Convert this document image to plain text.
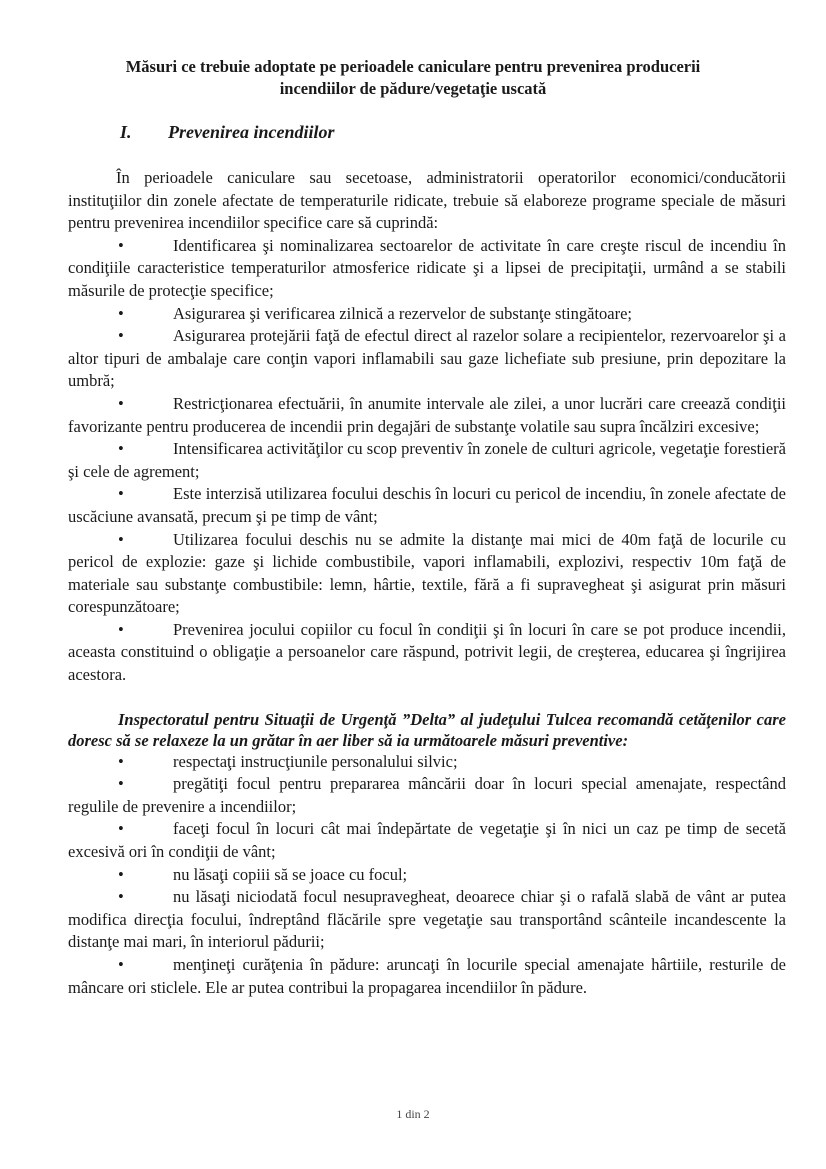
Măsuri ce trebuie adoptate pe perioadele caniculare pentru prevenirea producerii
incendiilor de pădure/vegetaţie uscată
I. Prevenirea incendiilor

În perioadele caniculare sau secetoase, administratorii operatorilor economici/conducătorii instituţiilor din zonele afectate de temperaturile ridicate, trebuie să elaboreze programe speciale de măsuri pentru prevenirea incendiilor specifice care să cuprindă:

•	Identificarea şi nominalizarea sectoarelor de activitate în care creşte riscul de incendiu în condiţiile caracteristice temperaturilor atmosferice ridicate şi a lipsei de precipitaţii, urmând a se stabili măsurile de protecţie specifice;
•	Asigurarea şi verificarea zilnică a rezervelor de substanţe stingătoare;
•	Asigurarea protejării faţă de efectul direct al razelor solare a recipientelor, rezervoarelor şi a altor tipuri de ambalaje care conţin vapori inflamabili sau gaze lichefiate sub presiune, prin depozitare la umbră;
•	Restricţionarea efectuării, în anumite intervale ale zilei, a unor lucrări care creează condiţii favorizante pentru producerea de incendii prin degajări de substanţe volatile sau supra încălziri excesive;
•	Intensificarea activităţilor cu scop preventiv în zonele de culturi agricole, vegetaţie forestieră şi cele de agrement;
•	Este interzisă utilizarea focului deschis în locuri cu pericol de incendiu, în zonele afectate de uscăciune avansată, precum şi pe timp de vânt;
•	Utilizarea focului deschis nu se admite la distanţe mai mici de 40m faţă de locurile cu pericol de explozie: gaze şi lichide combustibile, vapori inflamabili, explozivi, respectiv 10m faţă de materiale sau substanţe combustibile: lemn, hârtie, textile, fără a fi supravegheat şi asigurat prin măsuri corespunzătoare;
•	Prevenirea jocului copiilor cu focul în condiţii şi în locuri în care se pot produce incendii, aceasta constituind o obligaţie a persoanelor care răspund, potrivit legii, de creşterea, educarea şi îngrijirea acestora.
Inspectoratul pentru Situaţii de Urgenţă ”Delta” al judeţului Tulcea recomandă cetăţenilor care doresc să se relaxeze la un grătar în aer liber să ia următoarele măsuri preventive:
•	respectaţi instrucţiunile personalului silvic;
•	pregătiţi focul pentru prepararea mâncării doar în locuri special amenajate, respectând regulile de prevenire a incendiilor;
•	faceţi focul în locuri cât mai îndepărtate de vegetaţie şi în nici un caz pe timp de secetă excesivă ori în condiţii de vânt;
•	nu lăsaţi copiii să se joace cu focul;
•	nu lăsaţi niciodată focul nesupravegheat, deoarece chiar şi o rafală slabă de vânt ar putea modifica direcţia focului, îndreptând flăcările spre vegetaţie sau transportând scânteile incandescente la distanţe mai mari, în interiorul pădurii;
•	menţineţi curăţenia în pădure: aruncaţi în locurile special amenajate hârtiile, resturile de mâncare ori sticlele. Ele ar putea contribui la propagarea incendiilor în pădure.
1 din 2
